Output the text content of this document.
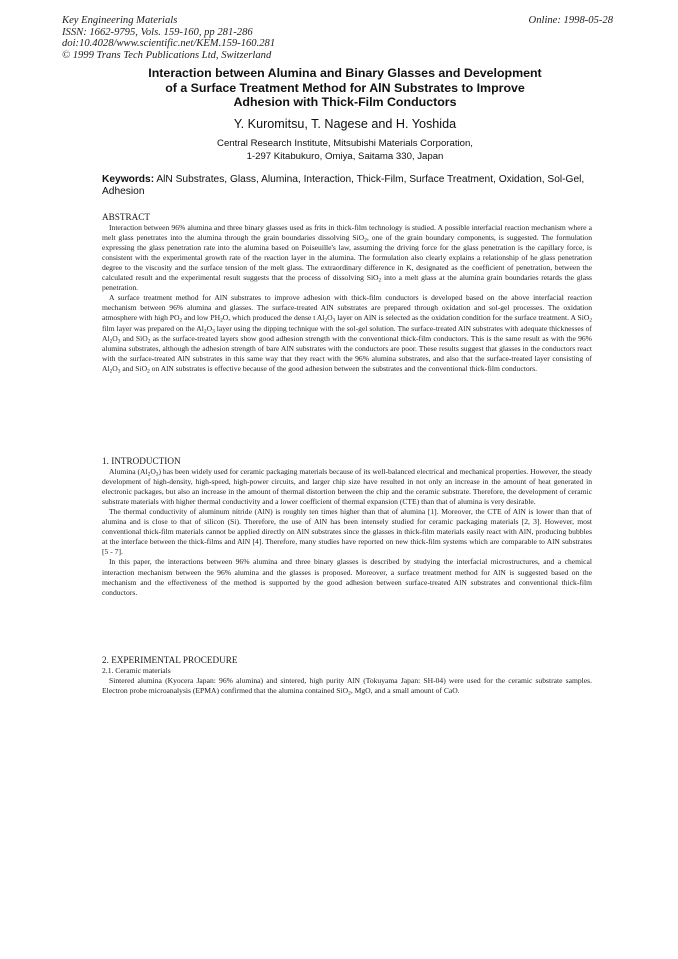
Key Engineering Materials
ISSN: 1662-9795, Vols. 159-160, pp 281-286
doi:10.4028/www.scientific.net/KEM.159-160.281
© 1999 Trans Tech Publications Ltd, Switzerland
Online: 1998-05-28
Interaction between Alumina and Binary Glasses and Development
of a Surface Treatment Method for AlN Substrates to Improve
Adhesion with Thick-Film Conductors
Y. Kuromitsu, T. Nagese and H. Yoshida
Central Research Institute, Mitsubishi Materials Corporation,
1-297 Kitabukuro, Omiya, Saitama 330, Japan
Keywords: AlN Substrates, Glass, Alumina, Interaction, Thick-Film, Surface Treatment, Oxidation, Sol-Gel, Adhesion
ABSTRACT

Interaction between 96% alumina and three binary glasses used as frits in thick-film technology is studied. A possible interfacial reaction mechanism where a melt glass penetrates into the alumina through the grain boundaries dissolving SiO$_2$, one of the grain boundary components, is suggested. The formulation expressing the glass penetration rate into the alumina based on Poiseuille's law, assuming the driving force for the glass penetration is the capillary force, is consistent with the experimental growth rate of the reaction layer in the alumina. The formulation also clearly explains a relationship of he glass penetration degree to the viscosity and the surface tension of the melt glass. The extraordinary difference in K, designated as the coefficient of penetration, between the calculated result and the experimental result suggests that the process of dissolving SiO$_2$ into a melt glass at the alumina grain boundaries retards the glass penetration.

A surface treatment method for AlN substrates to improve adhesion with thick-film conductors is developed based on the above interfacial reaction mechanism between 96% alumina and glasses. The surface-treated AlN substrates are prepared through oxidation and sol-gel processes. The oxidation atmosphere with high $PO_2$ and low $PH_2O$, which produced the dense t $Al_2O_3$ layer on AlN is selected as the oxidation condition for the surface treatment. A SiO$_2$ film layer was prepared on the $Al_2O_3$ layer using the dipping technique with the sol-gel solution. The surface-treated AlN substrates with adequate thicknesses of $Al_2O_3$ and SiO$_2$ as the surface-treated layers show good adhesion strength with the conventional thick-film conductors. This is the same result as with the 96% alumina substrates, although the adhesion strength of bare AlN substrates with the conductors are poor. These results suggest that glasses in the conductors react with the surface-treated AlN substrates in this same way that they react with the 96% alumina substrates, and also that the surface-treated layer consisting of $Al_2O_3$ and SiO$_2$ on AlN substrates is effective because of the good adhesion between the substrates and the conventional thick-film conductors.

1. INTRODUCTION

Alumina $(Al_2O_3)$ has been widely used for ceramic packaging materials because of its well-balanced electrical and mechanical properties. However, the steady development of high-density, high-speed, high-power circuits, and larger chip size have resulted in not only an increase in the amount of heat generated in electronic packages, but also an increase in the amount of thermal distortion between the chip and the ceramic substrate. Therefore, the development of ceramic substrate materials with higher thermal conductivity and a lower coefficient of thermal expansion (CTE) than that of alumina is very desirable.

The thermal conductivity of aluminum nitride (AlN) is roughly ten times higher than that of alumina [1]. Moreover, the CTE of AlN is lower than that of alumina and is close to that of silicon (Si). Therefore, the use of AlN has been intensely studied for ceramic packaging materials [2, 3]. However, most conventional thick-film materials cannot be applied directly on AlN substrates since the glasses in thick-film materials easily react with AlN, producing bubbles at the interface between the thick-films and AlN [4]. Therefore, many studies have reported on new thick-film systems which are comparable to AlN substrates [5 - 7].

In this paper, the interactions between 96% alumina and three binary glasses is described by studying the interfacial microstructures, and a chemical interaction mechanism between the 96% alumina and the glasses is proposed. Moreover, a surface treatment method for AlN is suggested based on the mechanism and the effectiveness of the method is supported by the good adhesion between surface-treated AlN substrates and conventional thick-film conductors.

2. EXPERIMENTAL PROCEDURE
2.1. Ceramic materials

Sintered alumina (Kyocera Japan: 96% alumina) and sintered, high purity AlN (Tokuyama Japan: SH-04) were used for the ceramic substrate samples. Electron probe microanalysis (EPMA) confirmed that the alumina contained SiO$_2$, MgO, and a small amount of CaO.
